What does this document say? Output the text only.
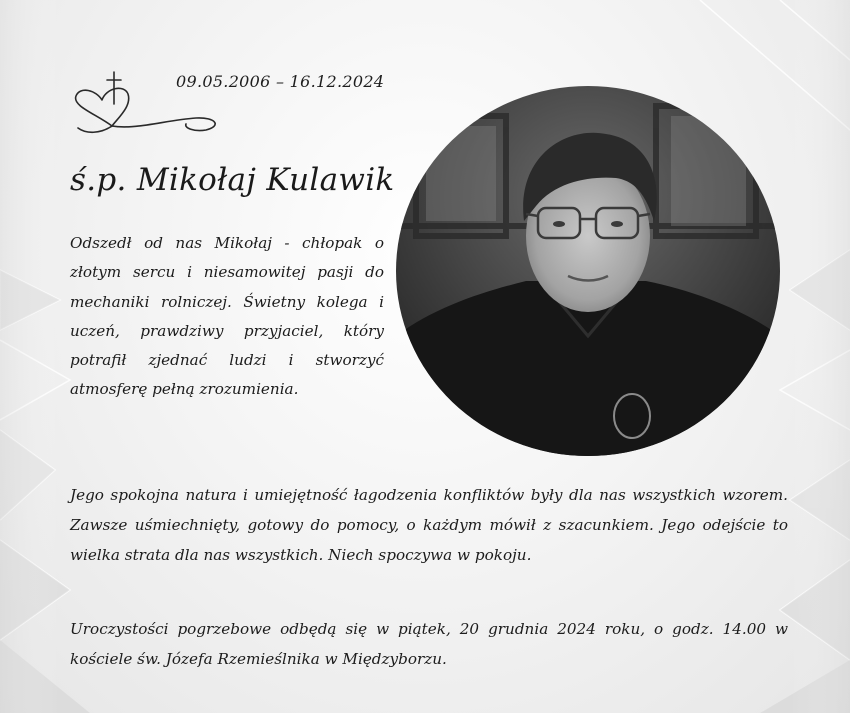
09.05.2006 – 16.12.2024
ś.p. Mikołaj Kulawik
Odszedł od nas Mikołaj - chłopak o złotym sercu i niesamowitej pasji do mechaniki rolniczej. Świetny kolega i uczeń, prawdziwy przyjaciel, który potrafił zjednać ludzi i stworzyć atmosferę pełną zrozumienia.
Jego spokojna natura i umiejętność łagodzenia konfliktów były dla nas wszystkich wzorem. Zawsze uśmiechnięty, gotowy do pomocy, o każdym mówił z szacunkiem. Jego odejście to wielka strata dla nas wszystkich. Niech spoczywa w pokoju.
Uroczystości pogrzebowe odbędą się w piątek, 20 grudnia 2024 roku, o godz. 14.00 w kościele św. Józefa Rzemieślnika w Międzyborzu.
